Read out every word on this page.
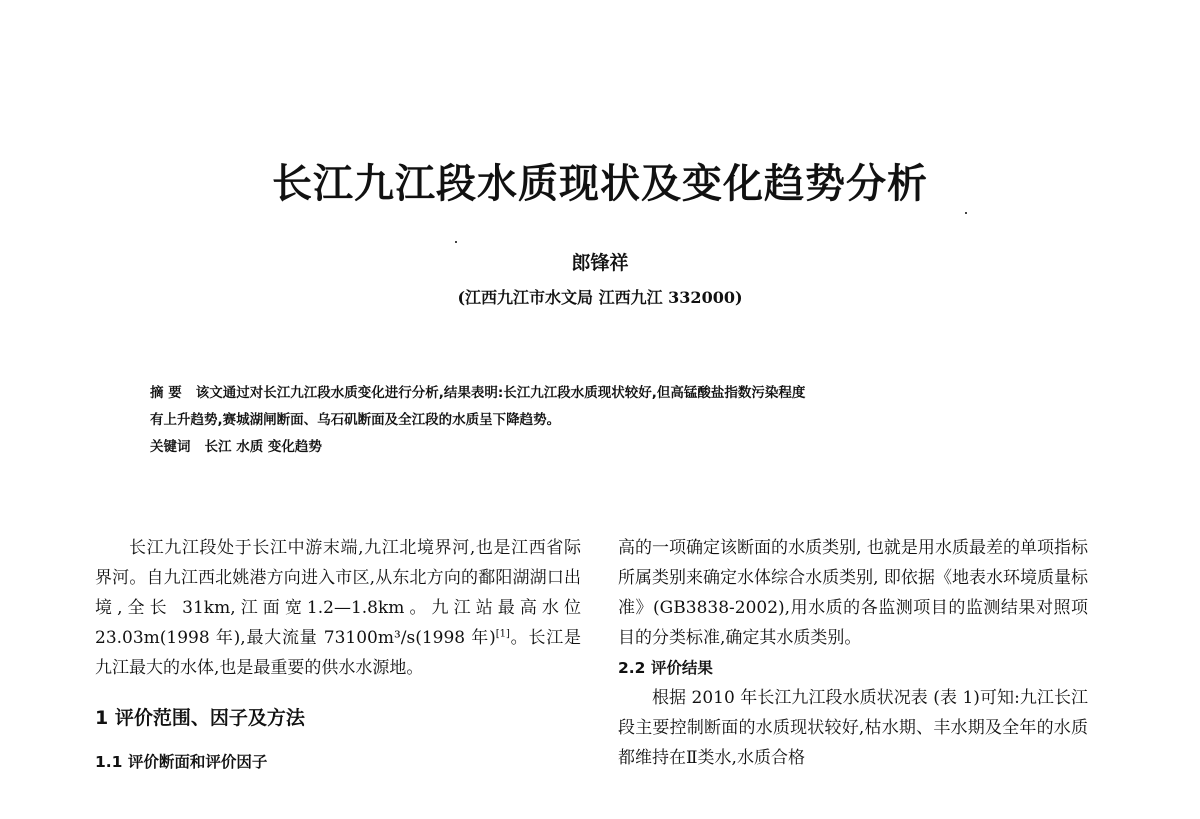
长江九江段水质现状及变化趋势分析
郎锋祥
(江西九江市水文局 江西九江 332000)

摘 要 该文通过对长江九江段水质变化进行分析,结果表明:长江九江段水质现状较好,但高锰酸盐指数污染程度

有上升趋势,赛城湖闸断面、乌石矶断面及全江段的水质呈下降趋势。

关键词 长江 水质 变化趋势

长江九江段处于长江中游末端,九江北境界河,也是江西省际界河。自九江西北姚港方向进入市区,从东北方向的鄱阳湖湖口出境,全长 31km,江面宽1.2—1.8km。九江站最高水位 23.03m(1998 年),最大流量 73100m³/s(1998 年)[1]。长江是九江最大的水体,也是最重要的供水水源地。

1 评价范围、因子及方法
1.1 评价断面和评价因子

高的一项确定该断面的水质类别, 也就是用水质最差的单项指标所属类别来确定水体综合水质类别, 即依据《地表水环境质量标准》(GB3838-2002),用水质的各监测项目的监测结果对照项目的分类标准,确定其水质类别。

2.2 评价结果

根据 2010 年长江九江段水质状况表 (表 1)可知:九江长江段主要控制断面的水质现状较好,枯水期、丰水期及全年的水质都维持在Ⅱ类水,水质合格
